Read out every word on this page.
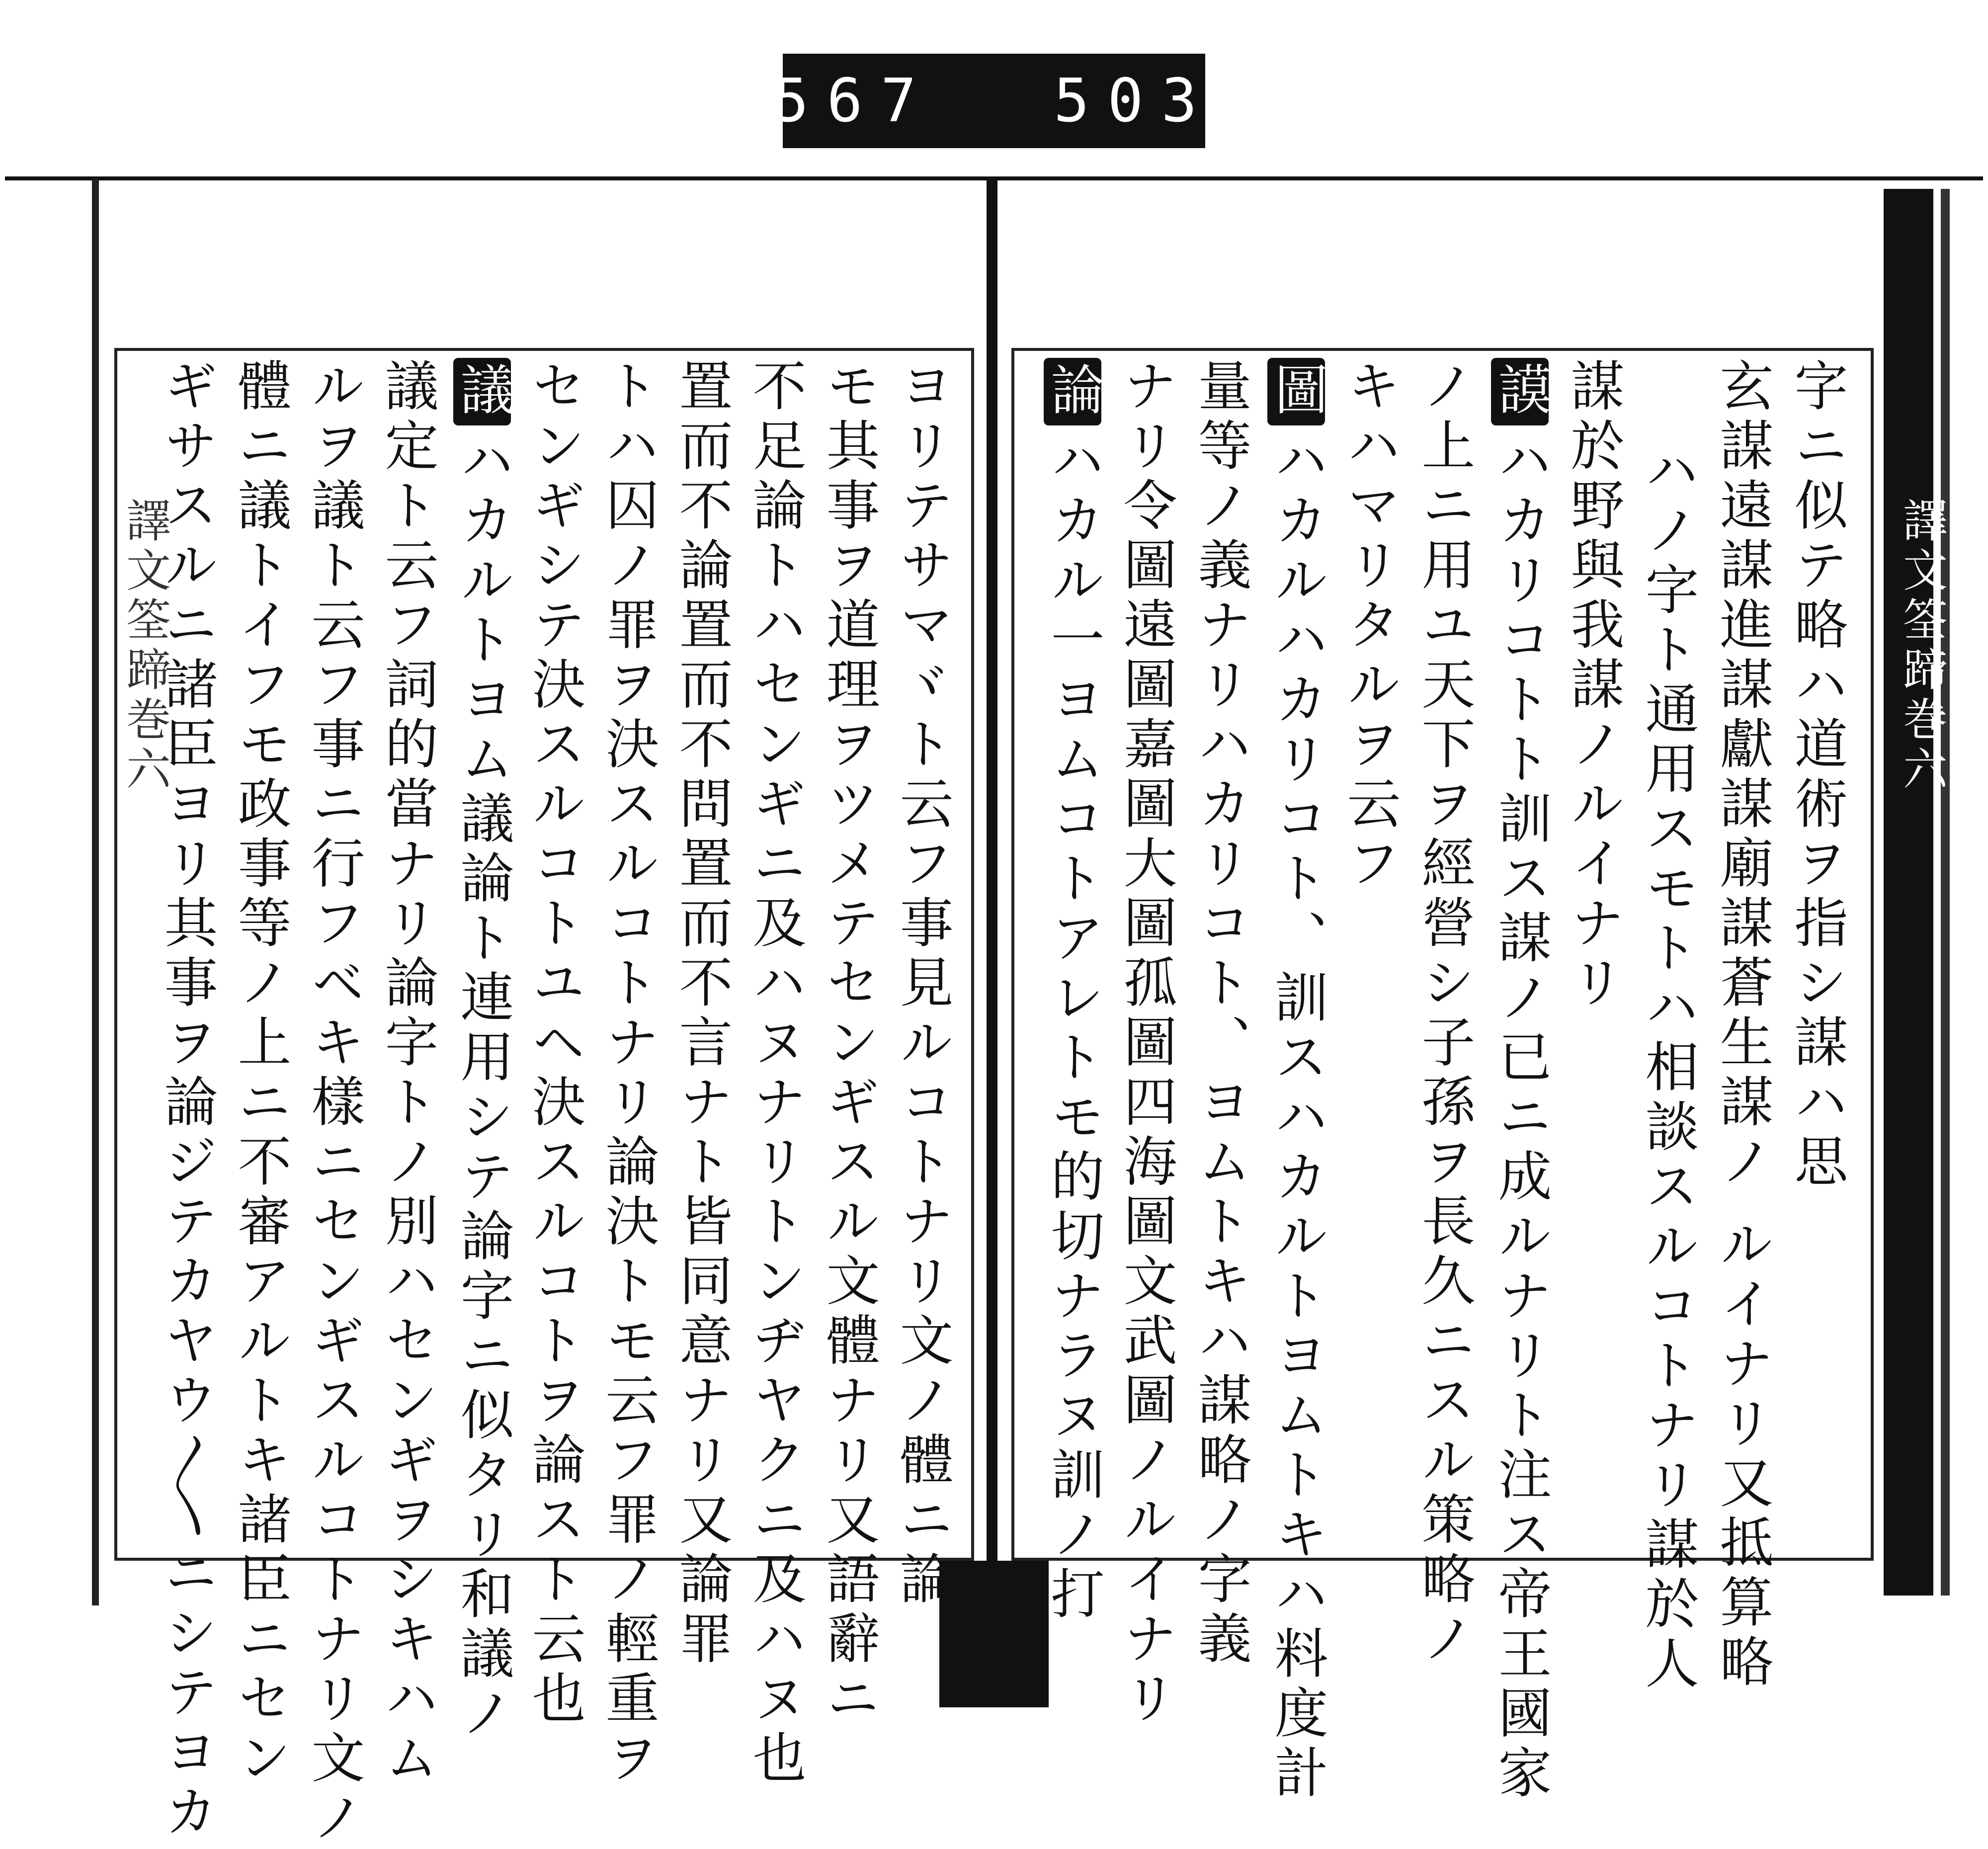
567 503
譯文筌蹄巻六	譯文筌蹄巻六
字ニ似テ略ハ道術ヲ指シ謀ハ思
玄謀遠謀進謀獻謀廟謀蒼生謀ノ ルイナリ又抵算略
ハノ字ト通用スモトハ相談スルコトナリ謀於人
謀於野與我謀ノルイナリ
謨ハカリコトト訓ス謀ノ已ニ成ルナリト注ス帝王國家
ノ上ニ用ユ天下ヲ經營シ子孫ヲ長久ニスル策略ノ
キハマリタルヲ云フ
圖ハカルハカリコト、訓スハカルトヨムトキハ料度計
量等ノ義ナリハカリコト、ヨムトキハ謀略ノ字義
ナリ令圖遠圖嘉圖大圖孤圖四海圖文武圖ノルイナリ
論ハカル一ヨムコトアレトモ的切ナラヌ訓ノ打
ヨリテサマヾト云フ事見ルコトナリ文ノ體ニ論
モ其事ヲ道理ヲツメテセンギスル文體ナリ又語辭ニ
不足論トハセンギニ及ハヌナリトンヂヤクニ及ハヌ也
置而不論置而不問置而不言ナト皆同意ナリ又論罪
トハ囚ノ罪ヲ決スルコトナリ論決トモ云フ罪ノ輕重ヲ
センギシテ決スルコトユヘ決スルコトヲ論スト云也
議ハカルトヨム議論ト連用シテ論字ニ似タリ和議ノ
議定ト云フ詞的當ナリ論字トノ別ハセンギヲシキハム
ルヲ議ト云フ事ニ行フベキ樣ニセンギスルコトナリ文ノ
體ニ議トイフモ政事等ノ上ニ不審アルトキ諸臣ニセン
ギサスルニ諸臣ヨリ其事ヲ論ジテカヤウ〳〵ニシテヨカ
